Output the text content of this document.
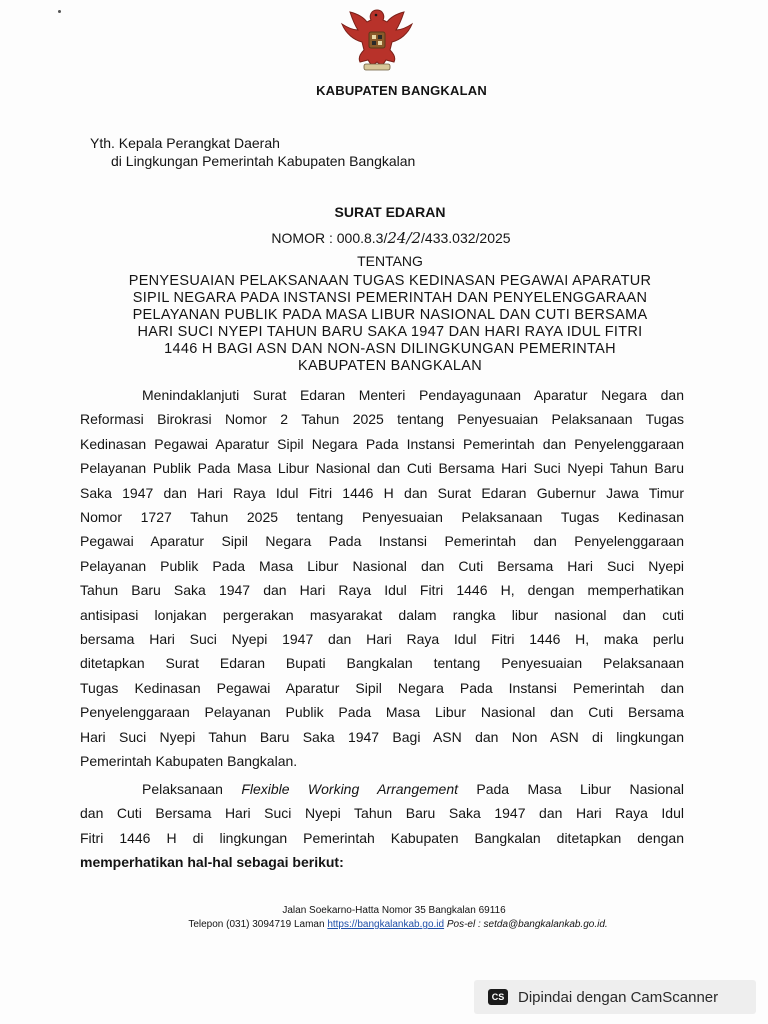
KABUPATEN BANGKALAN
Yth. Kepala Perangkat Daerah
di Lingkungan Pemerintah Kabupaten Bangkalan
SURAT EDARAN
NOMOR : 000.8.3/24/2/433.032/2025
TENTANG
PENYESUAIAN PELAKSANAAN TUGAS KEDINASAN PEGAWAI APARATUR
SIPIL NEGARA PADA INSTANSI PEMERINTAH DAN PENYELENGGARAAN
PELAYANAN PUBLIK PADA MASA LIBUR NASIONAL DAN CUTI BERSAMA
HARI SUCI NYEPI TAHUN BARU SAKA 1947 DAN HARI RAYA IDUL FITRI
1446 H BAGI ASN DAN NON-ASN DILINGKUNGAN PEMERINTAH
KABUPATEN BANGKALAN
Menindaklanjuti Surat Edaran Menteri Pendayagunaan Aparatur Negara dan
Reformasi Birokrasi Nomor 2 Tahun 2025 tentang Penyesuaian Pelaksanaan Tugas
Kedinasan Pegawai Aparatur Sipil Negara Pada Instansi Pemerintah dan Penyelenggaraan
Pelayanan Publik Pada Masa Libur Nasional dan Cuti Bersama Hari Suci Nyepi Tahun Baru
Saka 1947 dan Hari Raya Idul Fitri 1446 H dan Surat Edaran Gubernur Jawa Timur
Nomor 1727 Tahun 2025 tentang Penyesuaian Pelaksanaan Tugas Kedinasan
Pegawai Aparatur Sipil Negara Pada Instansi Pemerintah dan Penyelenggaraan
Pelayanan Publik Pada Masa Libur Nasional dan Cuti Bersama Hari Suci Nyepi
Tahun Baru Saka 1947 dan Hari Raya Idul Fitri 1446 H, dengan memperhatikan
antisipasi lonjakan pergerakan masyarakat dalam rangka libur nasional dan cuti
bersama Hari Suci Nyepi 1947 dan Hari Raya Idul Fitri 1446 H, maka perlu
ditetapkan Surat Edaran Bupati Bangkalan tentang Penyesuaian Pelaksanaan
Tugas Kedinasan Pegawai Aparatur Sipil Negara Pada Instansi Pemerintah dan
Penyelenggaraan Pelayanan Publik Pada Masa Libur Nasional dan Cuti Bersama
Hari Suci Nyepi Tahun Baru Saka 1947 Bagi ASN dan Non ASN di lingkungan
Pemerintah Kabupaten Bangkalan.
Pelaksanaan Flexible Working Arrangement Pada Masa Libur Nasional
dan Cuti Bersama Hari Suci Nyepi Tahun Baru Saka 1947 dan Hari Raya Idul
Fitri 1446 H di lingkungan Pemerintah Kabupaten Bangkalan ditetapkan dengan
memperhatikan hal-hal sebagai berikut:
Jalan Soekarno-Hatta Nomor 35 Bangkalan 69116
Telepon (031) 3094719 Laman https://bangkalankab.go.id Pos-el : setda@bangkalankab.go.id.
CS Dipindai dengan CamScanner
